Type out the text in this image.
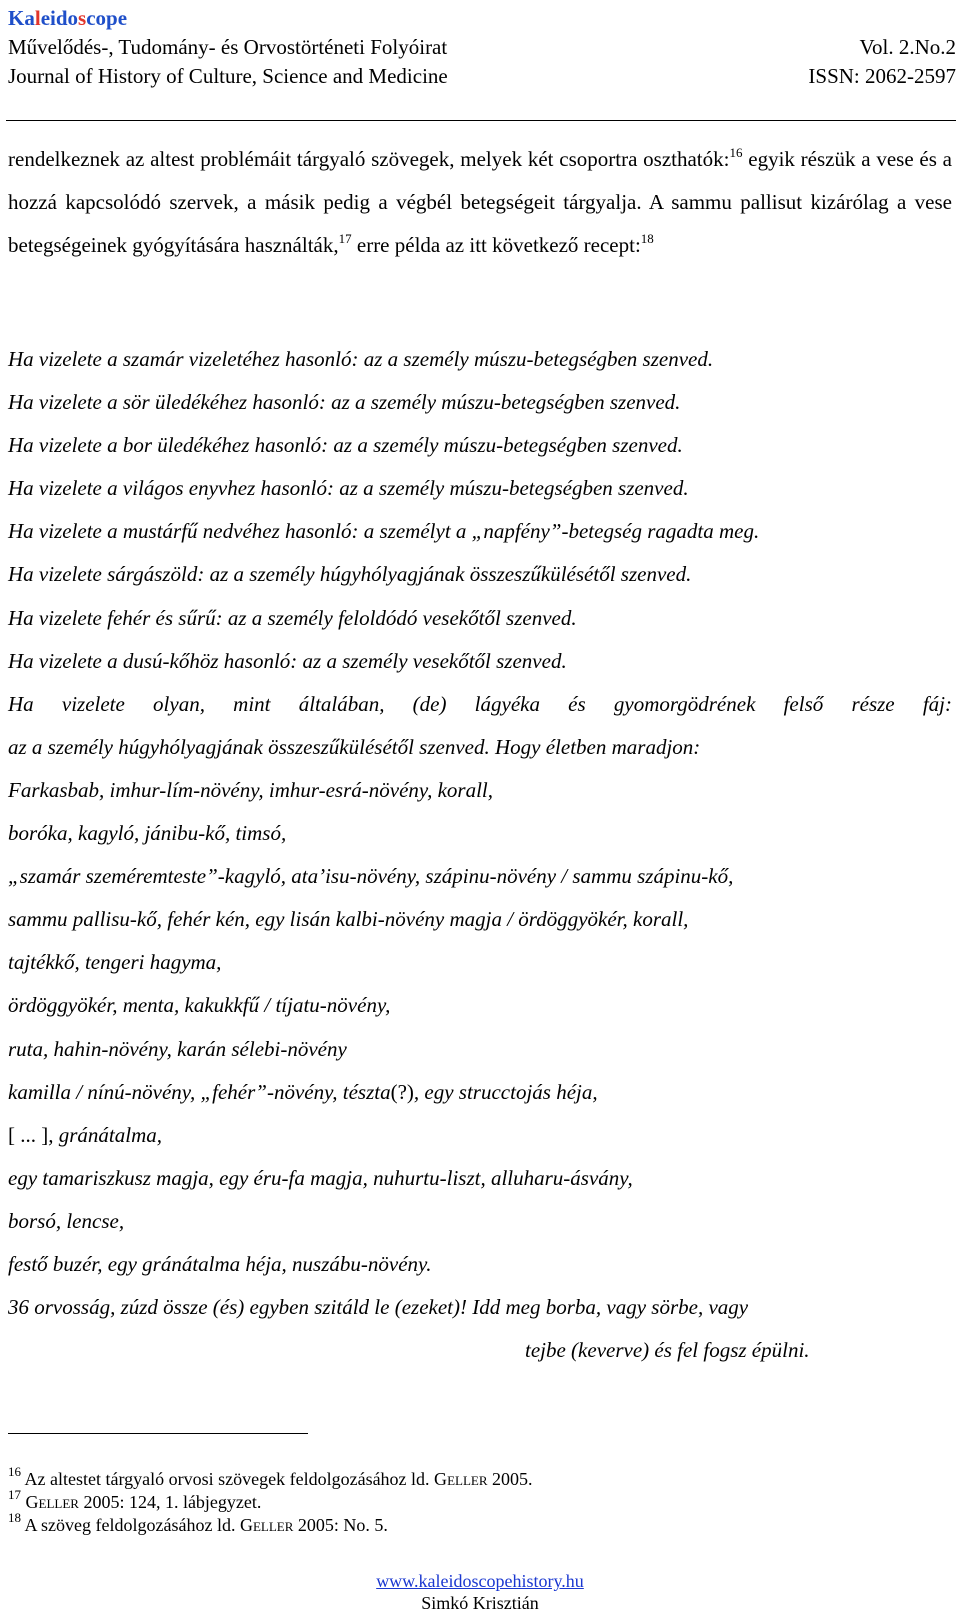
Kaleidoscope
Művelődés-, Tudomány- és Orvostörténeti Folyóirat	Vol. 2.No.2
Journal of History of Culture, Science and Medicine	ISSN: 2062-2597

rendelkeznek az altest problémáit tárgyaló szövegek, melyek két csoportra oszthatók:$^{16}$ egyik részük a vese és a hozzá kapcsolódó szervek, a másik pedig a végbél betegségeit tárgyalja. A sammu pallisut kizárólag a vese betegségeinek gyógyítására használták,$^{17}$ erre példa az itt következő recept:$^{18}$

Ha vizelete a szamár vizeletéhez hasonló: az a személy múszu-betegségben szenved.
Ha vizelete a sör üledékéhez hasonló: az a személy múszu-betegségben szenved.
Ha vizelete a bor üledékéhez hasonló: az a személy múszu-betegségben szenved.
Ha vizelete a világos enyvhez hasonló: az a személy múszu-betegségben szenved.
Ha vizelete a mustárfű nedvéhez hasonló: a személyt a „napfény”-betegség ragadta meg.
Ha vizelete sárgászöld: az a személy húgyhólyagjának összeszűkülésétől szenved.
Ha vizelete fehér és sűrű: az a személy feloldódó vesekőtől szenved.
Ha vizelete a dusú-kőhöz hasonló: az a személy vesekőtől szenved.
Ha vizelete olyan, mint általában, (de) lágyéka és gyomorgödrének felső része fáj:
az a személy húgyhólyagjának összeszűkülésétől szenved. Hogy életben maradjon:
Farkasbab, imhur-lím-növény, imhur-esrá-növény, korall,
boróka, kagyló, jánibu-kő, timsó,
„szamár szeméremteste”-kagyló, ata’isu-növény, szápinu-növény / sammu szápinu-kő,
sammu pallisu-kő, fehér kén, egy lisán kalbi-növény magja / ördöggyökér, korall,
tajtékkő, tengeri hagyma,
ördöggyökér, menta, kakukkfű / tíjatu-növény,
ruta, hahin-növény, karán sélebi-növény
kamilla / nínú-növény, „fehér”-növény, tészta(?), egy strucctojás héja,
[ ... ], gránátalma,
egy tamariszkusz magja, egy éru-fa magja, nuhurtu-liszt, alluharu-ásvány,
borsó, lencse,
festő buzér, egy gránátalma héja, nuszábu-növény.
36 orvosság, zúzd össze (és) egyben szitáld le (ezeket)! Idd meg borba, vagy sörbe, vagy
tejbe (keverve) és fel fogsz épülni.
$^{16}$ Az altestet tárgyaló orvosi szövegek feldolgozásához ld. Geller 2005.
$^{17}$ Geller 2005: 124, 1. lábjegyzet.
$^{18}$ A szöveg feldolgozásához ld. Geller 2005: No. 5.
www.kaleidoscopehistory.hu
Simkó Krisztián
